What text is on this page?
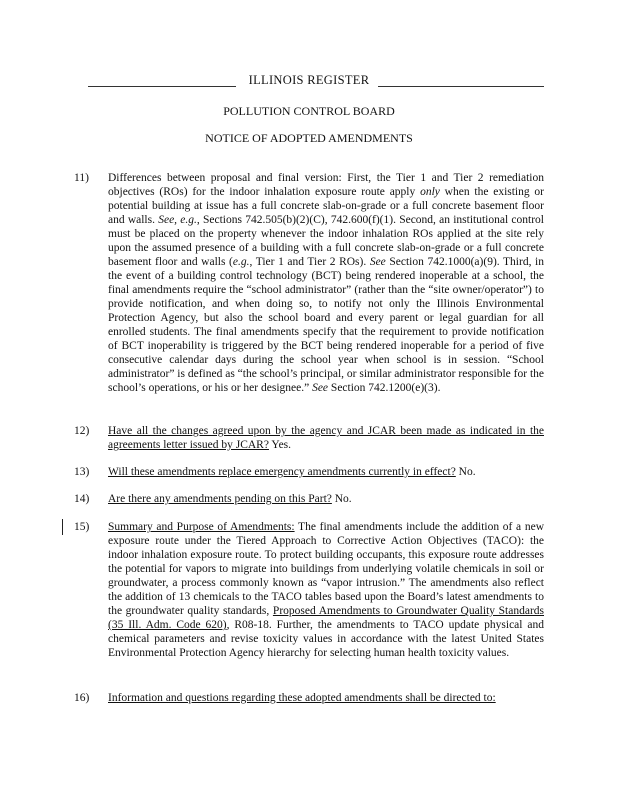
ILLINOIS REGISTER
POLLUTION CONTROL BOARD
NOTICE OF ADOPTED AMENDMENTS
11) Differences between proposal and final version: First, the Tier 1 and Tier 2 remediation objectives (ROs) for the indoor inhalation exposure route apply only when the existing or potential building at issue has a full concrete slab-on-grade or a full concrete basement floor and walls. See, e.g., Sections 742.505(b)(2)(C), 742.600(f)(1). Second, an institutional control must be placed on the property whenever the indoor inhalation ROs applied at the site rely upon the assumed presence of a building with a full concrete slab-on-grade or a full concrete basement floor and walls (e.g., Tier 1 and Tier 2 ROs). See Section 742.1000(a)(9). Third, in the event of a building control technology (BCT) being rendered inoperable at a school, the final amendments require the “school administrator” (rather than the “site owner/operator”) to provide notification, and when doing so, to notify not only the Illinois Environmental Protection Agency, but also the school board and every parent or legal guardian for all enrolled students. The final amendments specify that the requirement to provide notification of BCT inoperability is triggered by the BCT being rendered inoperable for a period of five consecutive calendar days during the school year when school is in session. “School administrator” is defined as “the school’s principal, or similar administrator responsible for the school’s operations, or his or her designee.” See Section 742.1200(e)(3).
12) Have all the changes agreed upon by the agency and JCAR been made as indicated in the agreements letter issued by JCAR? Yes.
13) Will these amendments replace emergency amendments currently in effect? No.
14) Are there any amendments pending on this Part? No.
15) Summary and Purpose of Amendments: The final amendments include the addition of a new exposure route under the Tiered Approach to Corrective Action Objectives (TACO): the indoor inhalation exposure route. To protect building occupants, this exposure route addresses the potential for vapors to migrate into buildings from underlying volatile chemicals in soil or groundwater, a process commonly known as “vapor intrusion.” The amendments also reflect the addition of 13 chemicals to the TACO tables based upon the Board’s latest amendments to the groundwater quality standards, Proposed Amendments to Groundwater Quality Standards (35 Ill. Adm. Code 620), R08-18. Further, the amendments to TACO update physical and chemical parameters and revise toxicity values in accordance with the latest United States Environmental Protection Agency hierarchy for selecting human health toxicity values.
16) Information and questions regarding these adopted amendments shall be directed to:
